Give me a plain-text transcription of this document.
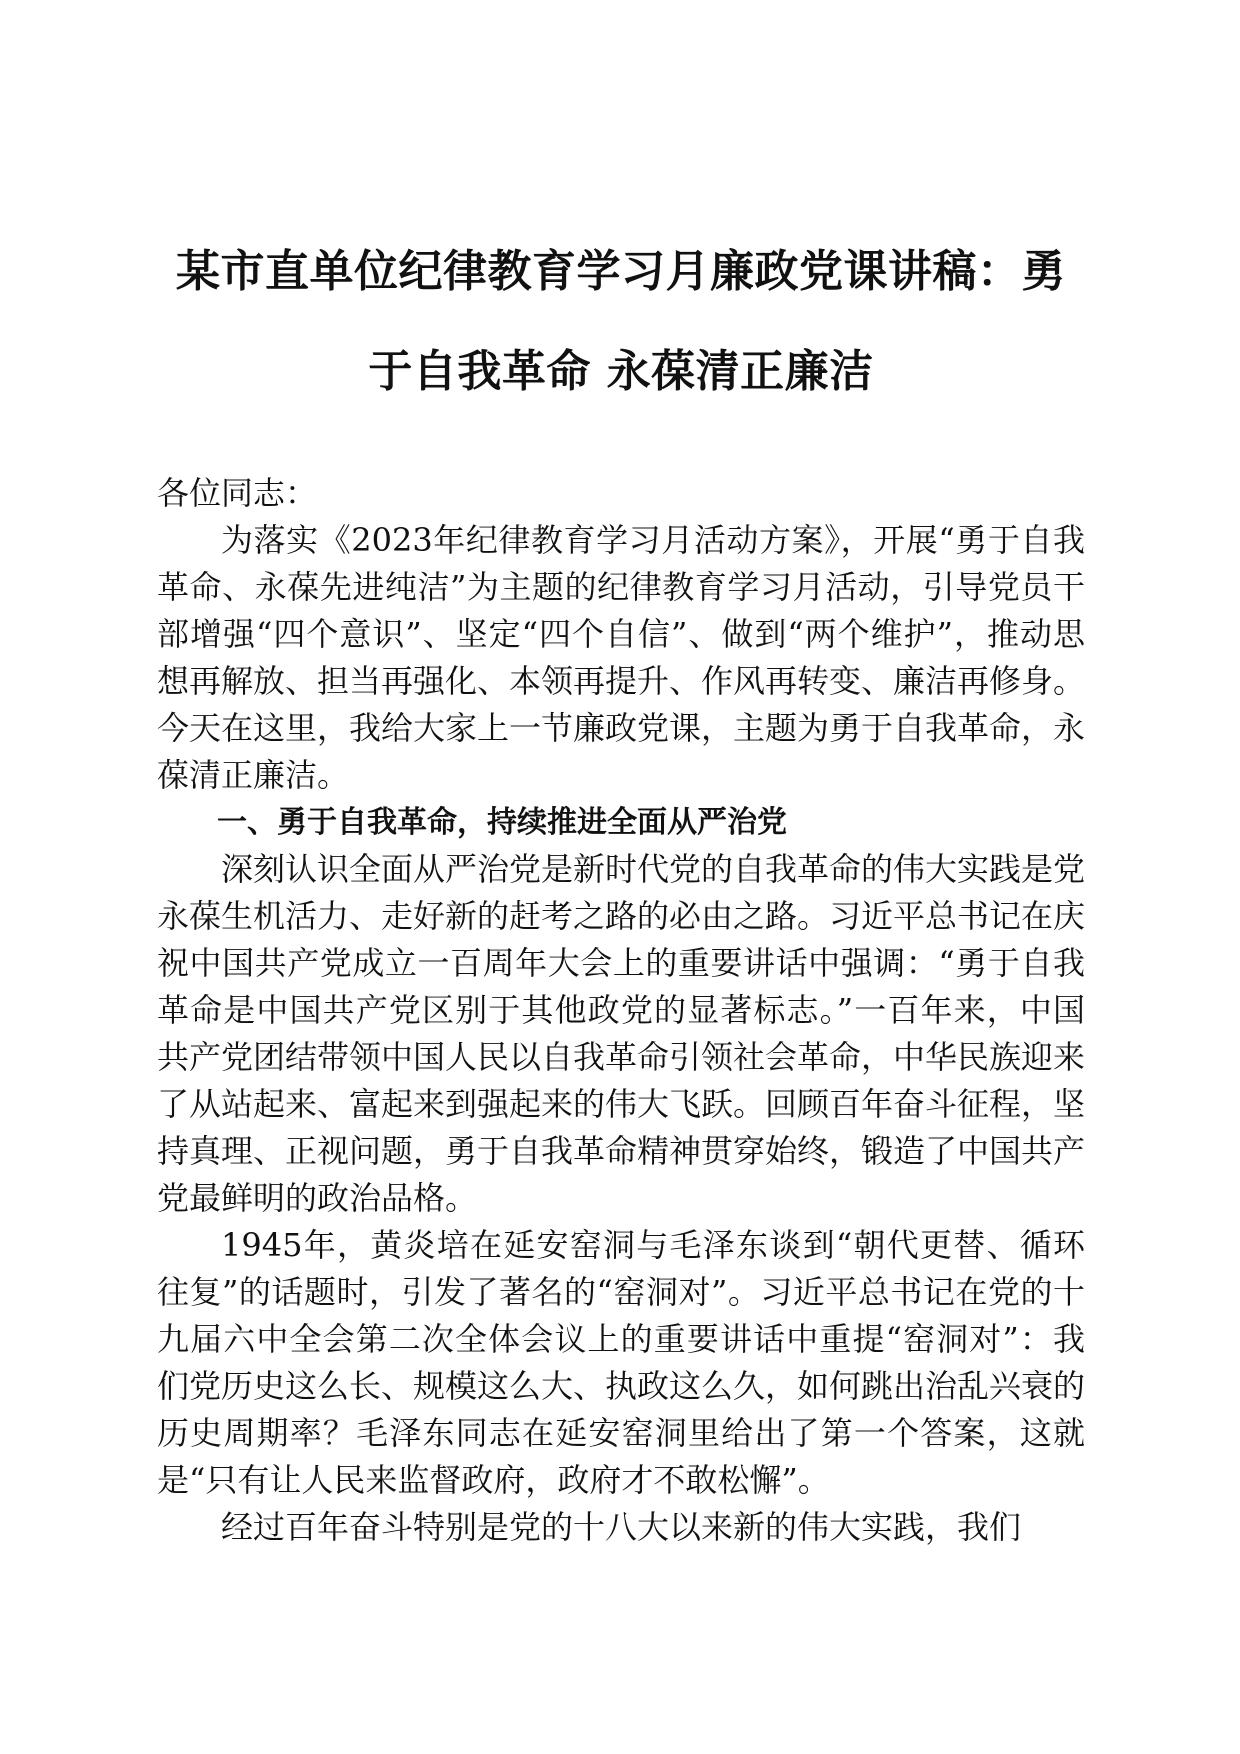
某市直单位纪律教育学习月廉政党课讲稿：勇
于自我革命 永葆清正廉洁

各位同志：

为落实《2023年纪律教育学习月活动方案》，开展“勇于自我革命、永葆先进纯洁”为主题的纪律教育学习月活动，引导党员干部增强“四个意识”、坚定“四个自信”、做到“两个维护”，推动思想再解放、担当再强化、本领再提升、作风再转变、廉洁再修身。今天在这里，我给大家上一节廉政党课，主题为勇于自我革命，永葆清正廉洁。

一、勇于自我革命，持续推进全面从严治党

深刻认识全面从严治党是新时代党的自我革命的伟大实践是党永葆生机活力、走好新的赶考之路的必由之路。习近平总书记在庆祝中国共产党成立一百周年大会上的重要讲话中强调：“勇于自我革命是中国共产党区别于其他政党的显著标志。”一百年来，中国共产党团结带领中国人民以自我革命引领社会革命，中华民族迎来了从站起来、富起来到强起来的伟大飞跃。回顾百年奋斗征程，坚持真理、正视问题，勇于自我革命精神贯穿始终，锻造了中国共产党最鲜明的政治品格。

1945年，黄炎培在延安窑洞与毛泽东谈到“朝代更替、循环往复”的话题时，引发了著名的“窑洞对”。习近平总书记在党的十九届六中全会第二次全体会议上的重要讲话中重提“窑洞对”：我们党历史这么长、规模这么大、执政这么久，如何跳出治乱兴衰的历史周期率？毛泽东同志在延安窑洞里给出了第一个答案，这就是“只有让人民来监督政府，政府才不敢松懈”。

经过百年奋斗特别是党的十八大以来新的伟大实践，我们
